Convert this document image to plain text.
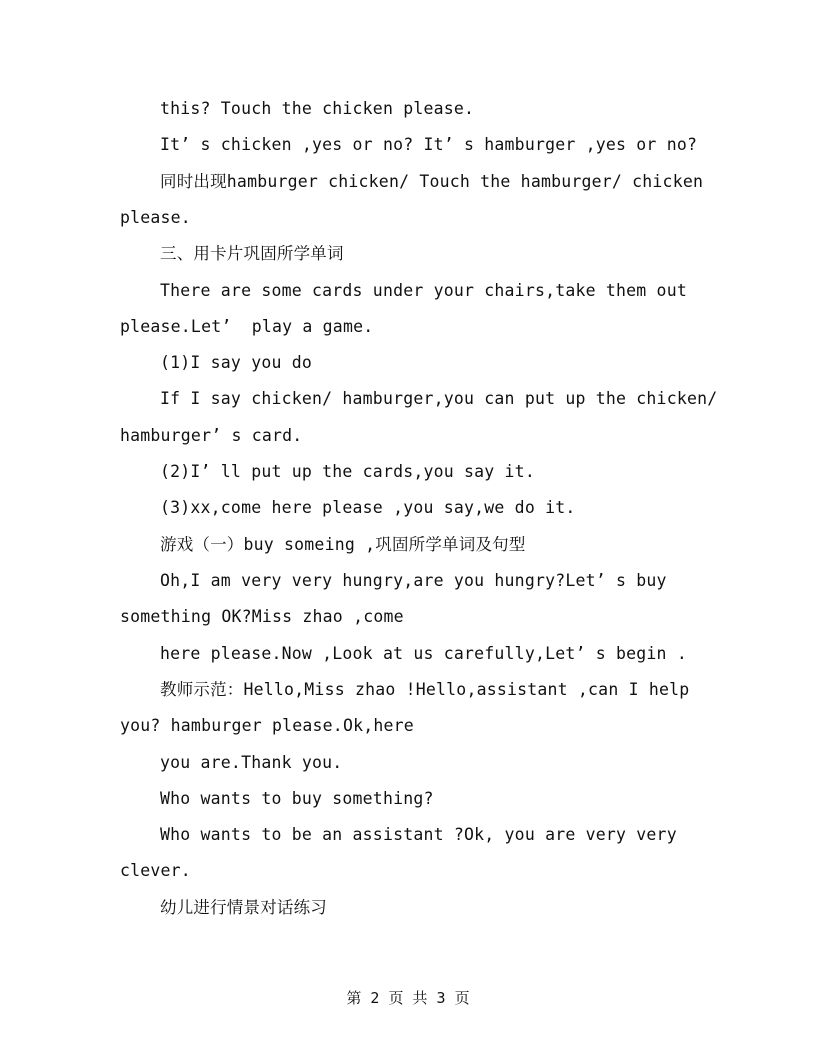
this? Touch the chicken please.
It’ s chicken ,yes or no? It’ s hamburger ,yes or no?
同时出现hamburger chicken/ Touch the hamburger/ chicken
please.
三、用卡片巩固所学单词
There are some cards under your chairs,take them out
please.Let’  play a game.
(1)I say you do
If I say chicken/ hamburger,you can put up the chicken/
hamburger’ s card.
(2)I’ ll put up the cards,you say it.
(3)xx,come here please ,you say,we do it.
游戏（一）buy someing ,巩固所学单词及句型
Oh,I am very very hungry,are you hungry?Let’ s buy
something OK?Miss zhao ,come
here please.Now ,Look at us carefully,Let’ s begin .
教师示范：Hello,Miss zhao !Hello,assistant ,can I help
you? hamburger please.Ok,here
you are.Thank you.
Who wants to buy something?
Who wants to be an assistant ?Ok, you are very very
clever.
幼儿进行情景对话练习
第 2 页 共 3 页
